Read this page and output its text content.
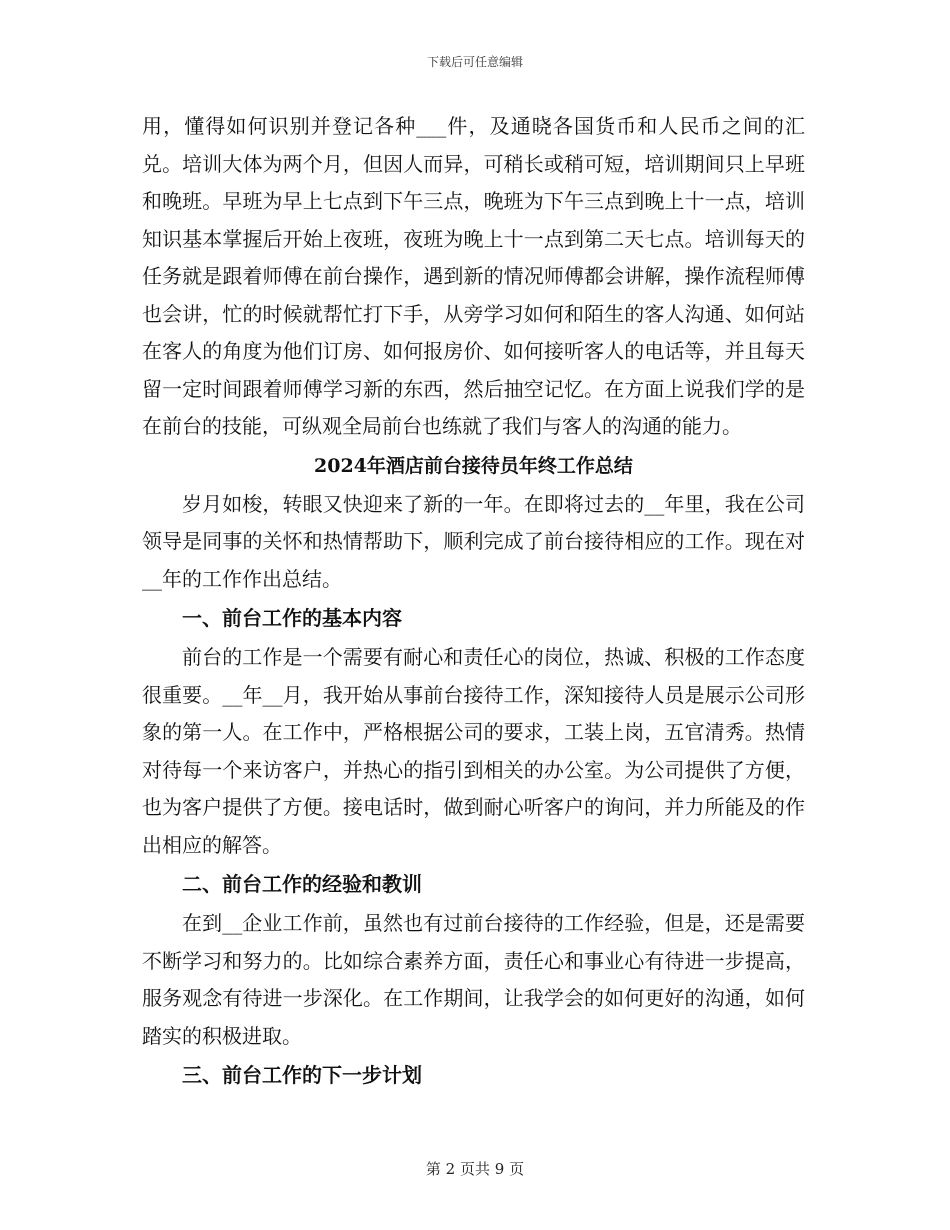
下载后可任意编辑

用，懂得如何识别并登记各种___件，及通晓各国货币和人民币之间的汇兑。培训大体为两个月，但因人而异，可稍长或稍可短，培训期间只上早班和晚班。早班为早上七点到下午三点，晚班为下午三点到晚上十一点，培训知识基本掌握后开始上夜班，夜班为晚上十一点到第二天七点。培训每天的任务就是跟着师傅在前台操作，遇到新的情况师傅都会讲解，操作流程师傅也会讲，忙的时候就帮忙打下手，从旁学习如何和陌生的客人沟通、如何站在客人的角度为他们订房、如何报房价、如何接听客人的电话等，并且每天留一定时间跟着师傅学习新的东西，然后抽空记忆。在方面上说我们学的是在前台的技能，可纵观全局前台也练就了我们与客人的沟通的能力。

2024年酒店前台接待员年终工作总结

岁月如梭，转眼又快迎来了新的一年。在即将过去的__年里，我在公司领导是同事的关怀和热情帮助下，顺利完成了前台接待相应的工作。现在对__年的工作作出总结。

一、前台工作的基本内容

前台的工作是一个需要有耐心和责任心的岗位，热诚、积极的工作态度很重要。__年__月，我开始从事前台接待工作，深知接待人员是展示公司形象的第一人。在工作中，严格根据公司的要求，工装上岗，五官清秀。热情对待每一个来访客户，并热心的指引到相关的办公室。为公司提供了方便，也为客户提供了方便。接电话时，做到耐心听客户的询问，并力所能及的作出相应的解答。

二、前台工作的经验和教训

在到__企业工作前，虽然也有过前台接待的工作经验，但是，还是需要不断学习和努力的。比如综合素养方面，责任心和事业心有待进一步提高，服务观念有待进一步深化。在工作期间，让我学会的如何更好的沟通，如何踏实的积极进取。

三、前台工作的下一步计划

第 2 页共 9 页
